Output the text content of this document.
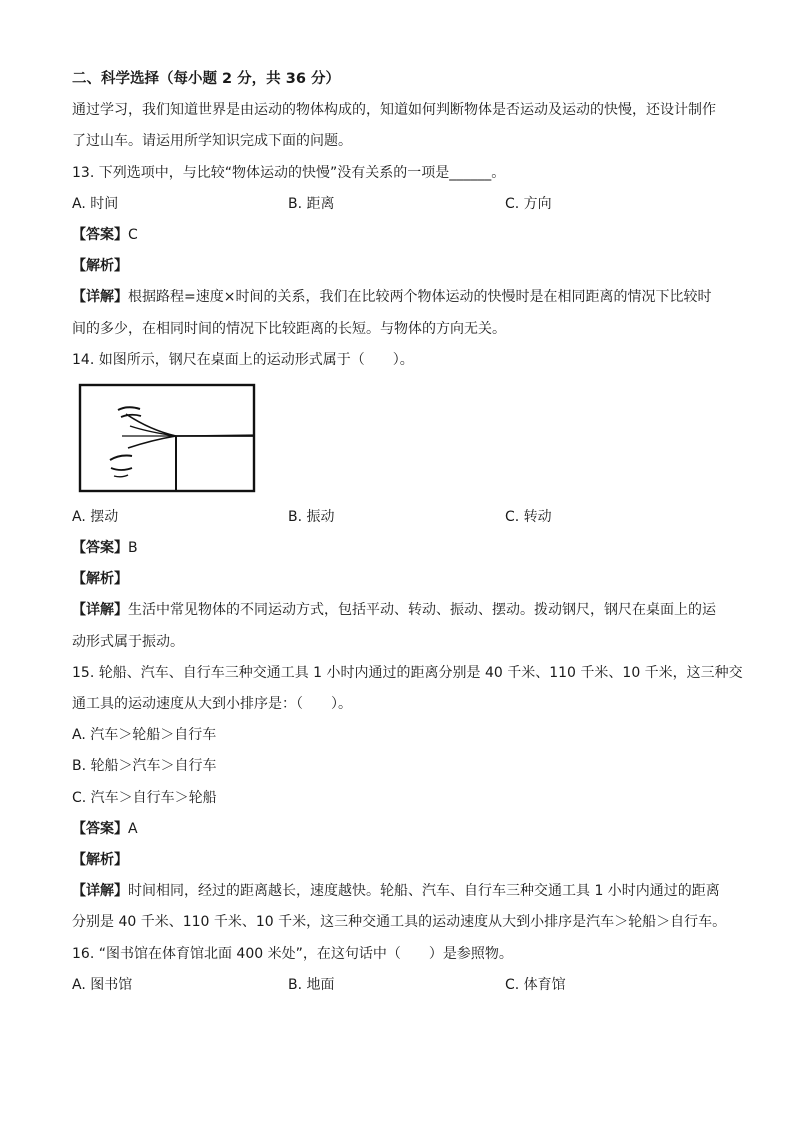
二、科学选择（每小题 2 分，共 36 分）
通过学习，我们知道世界是由运动的物体构成的，知道如何判断物体是否运动及运动的快慢，还设计制作
了过山车。请运用所学知识完成下面的问题。
13. 下列选项中，与比较“物体运动的快慢”没有关系的一项是______。
A. 时间	B. 距离	C. 方向
【答案】C
【解析】
【详解】根据路程=速度×时间的关系，我们在比较两个物体运动的快慢时是在相同距离的情况下比较时
间的多少，在相同时间的情况下比较距离的长短。与物体的方向无关。
14. 如图所示，钢尺在桌面上的运动形式属于（　　）。
A. 摆动	B. 振动	C. 转动
【答案】B
【解析】
【详解】生活中常见物体的不同运动方式，包括平动、转动、振动、摆动。拨动钢尺，钢尺在桌面上的运
动形式属于振动。
15. 轮船、汽车、自行车三种交通工具 1 小时内通过的距离分别是 40 千米、110 千米、10 千米，这三种交
通工具的运动速度从大到小排序是：（　　）。
A. 汽车＞轮船＞自行车
B. 轮船＞汽车＞自行车
C. 汽车＞自行车＞轮船
【答案】A
【解析】
【详解】时间相同，经过的距离越长，速度越快。轮船、汽车、自行车三种交通工具 1 小时内通过的距离
分别是 40 千米、110 千米、10 千米，这三种交通工具的运动速度从大到小排序是汽车＞轮船＞自行车。
16. “图书馆在体育馆北面 400 米处”，在这句话中（　　）是参照物。
A. 图书馆	B. 地面	C. 体育馆
